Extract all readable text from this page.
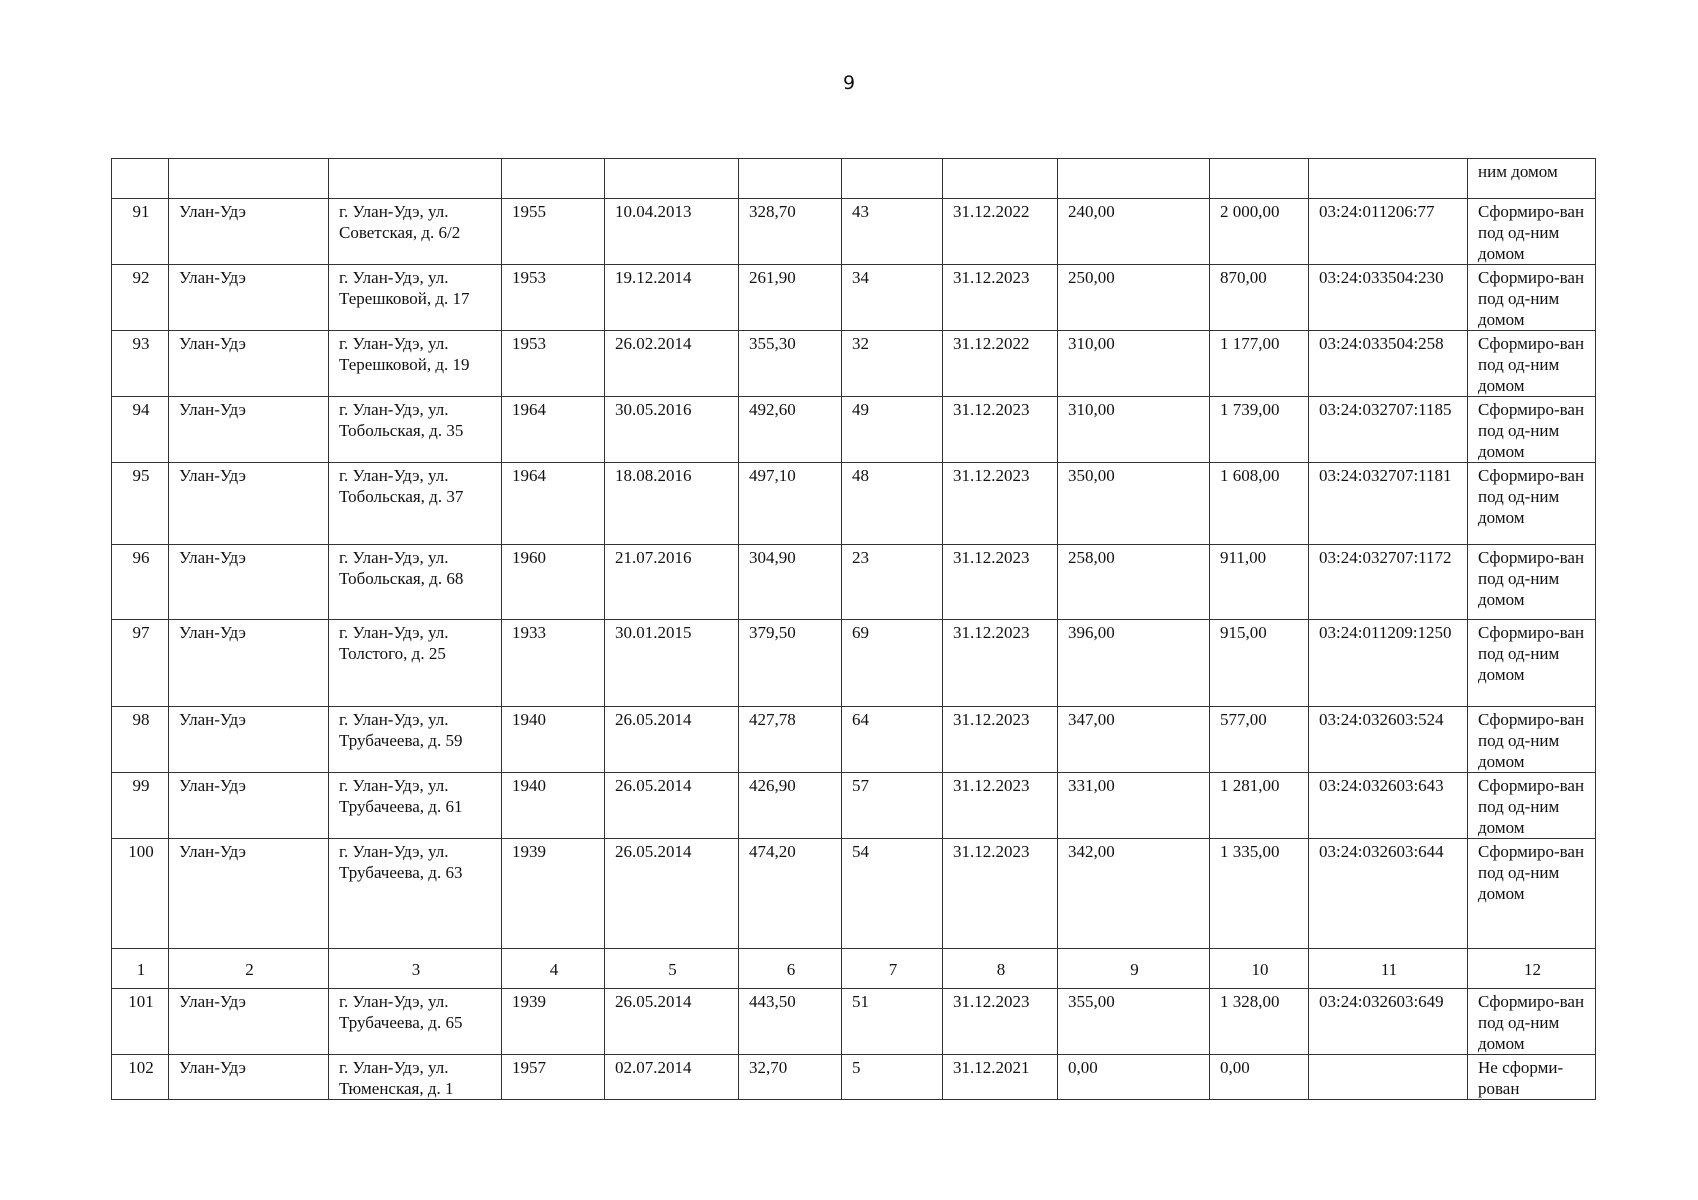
9
											ним домом
91	Улан-Удэ	г. Улан-Удэ, ул. Советская, д. 6/2	1955	10.04.2013	328,70	43	31.12.2022	240,00	2 000,00	03:24:011206:77	Сформиро-ван под од-ним домом
92	Улан-Удэ	г. Улан-Удэ, ул. Терешковой, д. 17	1953	19.12.2014	261,90	34	31.12.2023	250,00	870,00	03:24:033504:230	Сформиро-ван под од-ним домом
93	Улан-Удэ	г. Улан-Удэ, ул. Терешковой, д. 19	1953	26.02.2014	355,30	32	31.12.2022	310,00	1 177,00	03:24:033504:258	Сформиро-ван под од-ним домом
94	Улан-Удэ	г. Улан-Удэ, ул. Тобольская, д. 35	1964	30.05.2016	492,60	49	31.12.2023	310,00	1 739,00	03:24:032707:1185	Сформиро-ван под од-ним домом
95	Улан-Удэ	г. Улан-Удэ, ул. Тобольская, д. 37	1964	18.08.2016	497,10	48	31.12.2023	350,00	1 608,00	03:24:032707:1181	Сформиро-ван под од-ним домом
96	Улан-Удэ	г. Улан-Удэ, ул. Тобольская, д. 68	1960	21.07.2016	304,90	23	31.12.2023	258,00	911,00	03:24:032707:1172	Сформиро-ван под од-ним домом
97	Улан-Удэ	г. Улан-Удэ, ул. Толстого, д. 25	1933	30.01.2015	379,50	69	31.12.2023	396,00	915,00	03:24:011209:1250	Сформиро-ван под од-ним домом
98	Улан-Удэ	г. Улан-Удэ, ул. Трубачеева, д. 59	1940	26.05.2014	427,78	64	31.12.2023	347,00	577,00	03:24:032603:524	Сформиро-ван под од-ним домом
99	Улан-Удэ	г. Улан-Удэ, ул. Трубачеева, д. 61	1940	26.05.2014	426,90	57	31.12.2023	331,00	1 281,00	03:24:032603:643	Сформиро-ван под од-ним домом
100	Улан-Удэ	г. Улан-Удэ, ул. Трубачеева, д. 63	1939	26.05.2014	474,20	54	31.12.2023	342,00	1 335,00	03:24:032603:644	Сформиро-ван под од-ним домом
1	2	3	4	5	6	7	8	9	10	11	12
101	Улан-Удэ	г. Улан-Удэ, ул. Трубачеева, д. 65	1939	26.05.2014	443,50	51	31.12.2023	355,00	1 328,00	03:24:032603:649	Сформиро-ван под од-ним домом
102	Улан-Удэ	г. Улан-Удэ, ул. Тюменская, д. 1	1957	02.07.2014	32,70	5	31.12.2021	0,00	0,00		Не сформи-рован
